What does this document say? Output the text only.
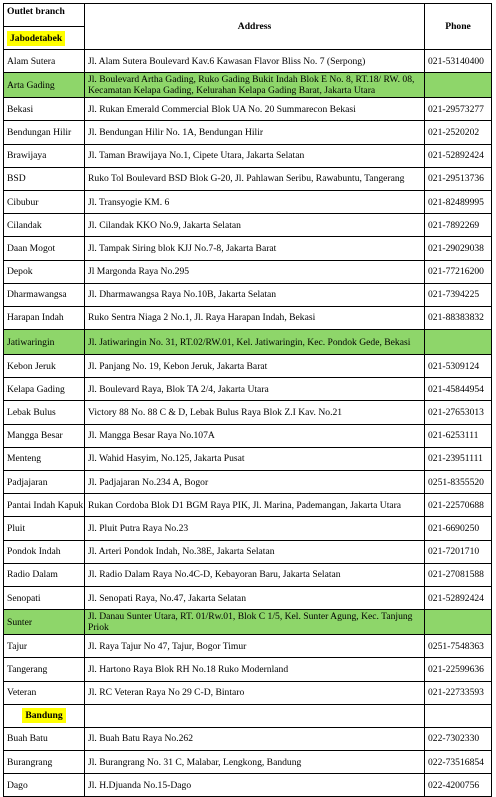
Outlet branch	Address	Phone
Jabodetabek		
Alam Sutera	Jl. Alam Sutera Boulevard Kav.6 Kawasan Flavor Bliss No. 7 (Serpong)	021-53140400
Arta Gading	Jl. Boulevard Artha Gading, Ruko Gading Bukit Indah Blok E No. 8, RT.18/ RW. 08, Kecamatan Kelapa Gading, Kelurahan Kelapa Gading Barat, Jakarta Utara	
Bekasi	Jl. Rukan Emerald Commercial Blok UA No. 20 Summarecon Bekasi	021-29573277
Bendungan Hilir	Jl. Bendungan Hilir No. 1A, Bendungan Hilir	021-2520202
Brawijaya	Jl. Taman Brawijaya No.1, Cipete Utara, Jakarta Selatan	021-52892424
BSD	Ruko Tol Boulevard BSD Blok G-20, Jl. Pahlawan Seribu, Rawabuntu, Tangerang	021-29513736
Cibubur	Jl. Transyogie KM. 6	021-82489995
Cilandak	Jl. Cilandak KKO No.9, Jakarta Selatan	021-7892269
Daan Mogot	Jl. Tampak Siring blok KJJ No.7-8, Jakarta Barat	021-29029038
Depok	Jl Margonda Raya No.295	021-77216200
Dharmawangsa	Jl. Dharmawangsa Raya No.10B, Jakarta Selatan	021-7394225
Harapan Indah	Ruko Sentra Niaga 2 No.1, Jl. Raya Harapan Indah, Bekasi	021-88383832
Jatiwaringin	Jl. Jatiwaringin No. 31, RT.02/RW.01, Kel. Jatiwaringin, Kec. Pondok Gede, Bekasi	
Kebon Jeruk	Jl. Panjang No. 19, Kebon Jeruk, Jakarta Barat	021-5309124
Kelapa Gading	Jl. Boulevard Raya, Blok TA 2/4, Jakarta Utara	021-45844954
Lebak Bulus	Victory 88 No. 88 C & D, Lebak Bulus Raya Blok Z.I Kav. No.21	021-27653013
Mangga Besar	Jl. Mangga Besar Raya No.107A	021-6253111
Menteng	Jl. Wahid Hasyim, No.125, Jakarta Pusat	021-23951111
Padjajaran	Jl. Padjajaran No.234 A, Bogor	0251-8355520
Pantai Indah Kapuk	Rukan Cordoba Blok D1 BGM Raya PIK, Jl. Marina, Pademangan, Jakarta Utara	021-22570688
Pluit	Jl. Pluit Putra Raya No.23	021-6690250
Pondok Indah	Jl. Arteri Pondok Indah, No.38E, Jakarta Selatan	021-7201710
Radio Dalam	Jl. Radio Dalam Raya No.4C-D, Kebayoran Baru, Jakarta Selatan	021-27081588
Senopati	Jl. Senopati Raya, No.47, Jakarta Selatan	021-52892424
Sunter	Jl. Danau Sunter Utara, RT. 01/Rw.01, Blok C 1/5, Kel. Sunter Agung, Kec. Tanjung Priok	
Tajur	Jl. Raya Tajur No 47, Tajur, Bogor Timur	0251-7548363
Tangerang	Jl. Hartono Raya Blok RH No.18 Ruko Modernland	021-22599636
Veteran	Jl. RC Veteran Raya No 29 C-D, Bintaro	021-22733593
Bandung		
Buah Batu	Jl. Buah Batu Raya No.262	022-7302330
Burangrang	Jl. Burangrang No. 31 C, Malabar, Lengkong, Bandung	022-73516854
Dago	Jl. H.Djuanda No.15-Dago	022-4200756
